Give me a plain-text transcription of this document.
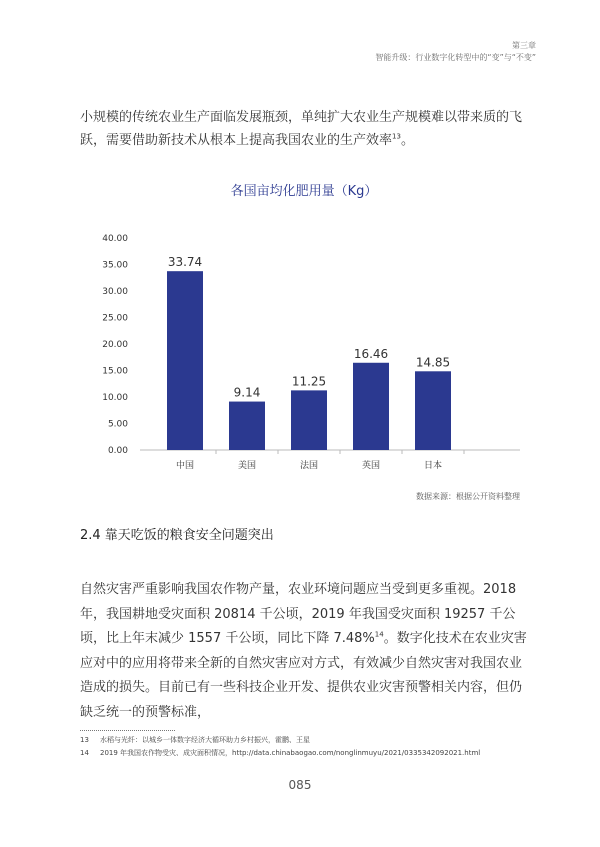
第三章
智能升级：行业数字化转型中的“变”与“不变”

小规模的传统农业生产面临发展瓶颈，单纯扩大农业生产规模难以带来质的飞跃，需要借助新技术从根本上提高我国农业的生产效率$^{13}$。

各国亩均化肥用量（Kg）
0.00
5.00
10.00
15.00
20.00
25.00
30.00
35.00
40.00
33.74
中国
9.14
美国
11.25
法国
16.46
英国
14.85
日本
数据来源：根据公开资料整理
2.4 靠天吃饭的粮食安全问题突出

自然灾害严重影响我国农作物产量，农业环境问题应当受到更多重视。2018 年，我国耕地受灾面积 20814 千公顷，2019 年我国受灾面积 19257 千公顷，比上年末减少 1557 千公顷，同比下降 7.48%$^{14}$。数字化技术在农业灾害应对中的应用将带来全新的自然灾害应对方式，有效减少自然灾害对我国农业造成的损失。目前已有一些科技企业开发、提供农业灾害预警相关内容，但仍缺乏统一的预警标准，

13 水稻与光纤：以城乡一体数字经济大循环助力乡村振兴，霍鹏、王星
14 2019 年我国农作物受灾、成灾面积情况，http://data.chinabaogao.com/nonglinmuyu/2021/0335342092021.html
085
